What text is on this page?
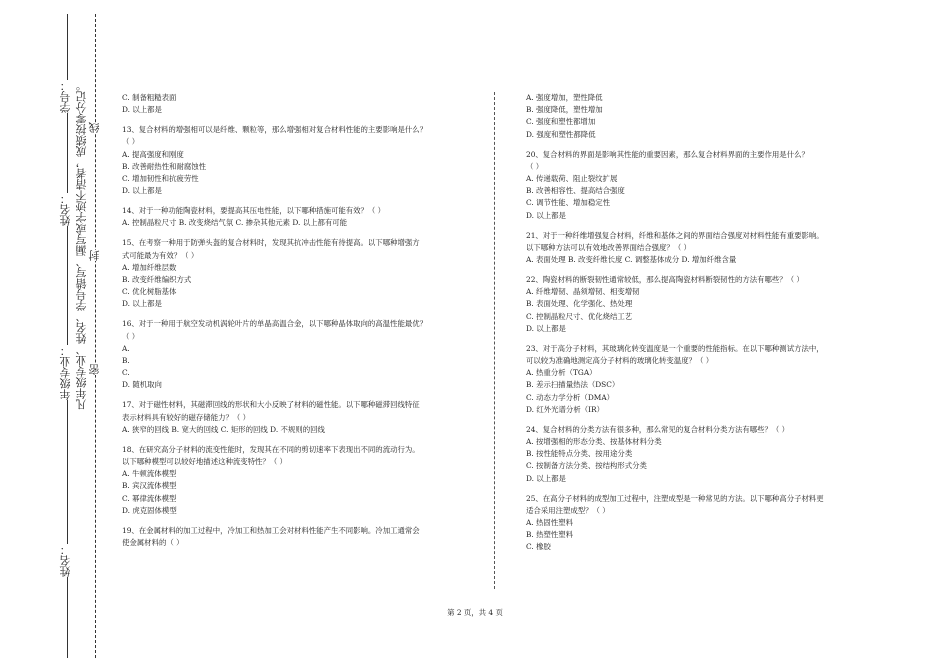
学号：
姓名：
年级专业：
姓名：
凡年级专业、姓名、学号错写、漏写或字迹不清者，成绩按零分记。 线
封
密
C. 制备粗糙表面
D. 以上都是
13、复合材料的增强相可以是纤维、颗粒等，那么增强相对复合材料性能的主要影响是什么？
（ ）
A. 提高强度和刚度
B. 改善耐热性和耐腐蚀性
C. 增加韧性和抗疲劳性
D. 以上都是
14、对于一种功能陶瓷材料，要提高其压电性能，以下哪种措施可能有效？（ ）
A. 控制晶粒尺寸 B. 改变烧结气氛 C. 掺杂其他元素 D. 以上都有可能
15、在考察一种用于防弹头盔的复合材料时，发现其抗冲击性能有待提高。以下哪种增强方
式可能最为有效？（ ）
A. 增加纤维层数
B. 改变纤维编织方式
C. 优化树脂基体
D. 以上都是
16、对于一种用于航空发动机涡轮叶片的单晶高温合金，以下哪种晶体取向的高温性能最优？
（ ）
A.
B.
C.
D. 随机取向
17、对于磁性材料，其磁滞回线的形状和大小反映了材料的磁性能。以下哪种磁滞回线特征
表示材料具有较好的磁存储能力？（ ）
A. 狭窄的回线 B. 宽大的回线 C. 矩形的回线 D. 不规则的回线
18、在研究高分子材料的流变性能时，发现其在不同的剪切速率下表现出不同的流动行为。
以下哪种模型可以较好地描述这种流变特性？（ ）
A. 牛顿流体模型
B. 宾汉流体模型
C. 幂律流体模型
D. 虎克固体模型
19、在金属材料的加工过程中，冷加工和热加工会对材料性能产生不同影响。冷加工通常会
使金属材料的（ ）
A. 强度增加，塑性降低
B. 强度降低，塑性增加
C. 强度和塑性都增加
D. 强度和塑性都降低
20、复合材料的界面是影响其性能的重要因素，那么复合材料界面的主要作用是什么？
（ ）
A. 传递载荷、阻止裂纹扩展
B. 改善相容性、提高结合强度
C. 调节性能、增加稳定性
D. 以上都是
21、对于一种纤维增强复合材料，纤维和基体之间的界面结合强度对材料性能有重要影响。
以下哪种方法可以有效地改善界面结合强度？（ ）
A. 表面处理 B. 改变纤维长度 C. 调整基体成分 D. 增加纤维含量
22、陶瓷材料的断裂韧性通常较低，那么提高陶瓷材料断裂韧性的方法有哪些？（ ）
A. 纤维增韧、晶须增韧、相变增韧
B. 表面处理、化学强化、热处理
C. 控制晶粒尺寸、优化烧结工艺
D. 以上都是
23、对于高分子材料，其玻璃化转变温度是一个重要的性能指标。在以下哪种测试方法中，
可以较为准确地测定高分子材料的玻璃化转变温度？（ ）
A. 热重分析（TGA）
B. 差示扫描量热法（DSC）
C. 动态力学分析（DMA）
D. 红外光谱分析（IR）
24、复合材料的分类方法有很多种，那么常见的复合材料分类方法有哪些？（ ）
A. 按增强相的形态分类、按基体材料分类
B. 按性能特点分类、按用途分类
C. 按制备方法分类、按结构形式分类
D. 以上都是
25、在高分子材料的成型加工过程中，注塑成型是一种常见的方法。以下哪种高分子材料更
适合采用注塑成型？（ ）
A. 热固性塑料
B. 热塑性塑料
C. 橡胶
第 2 页，共 4 页
